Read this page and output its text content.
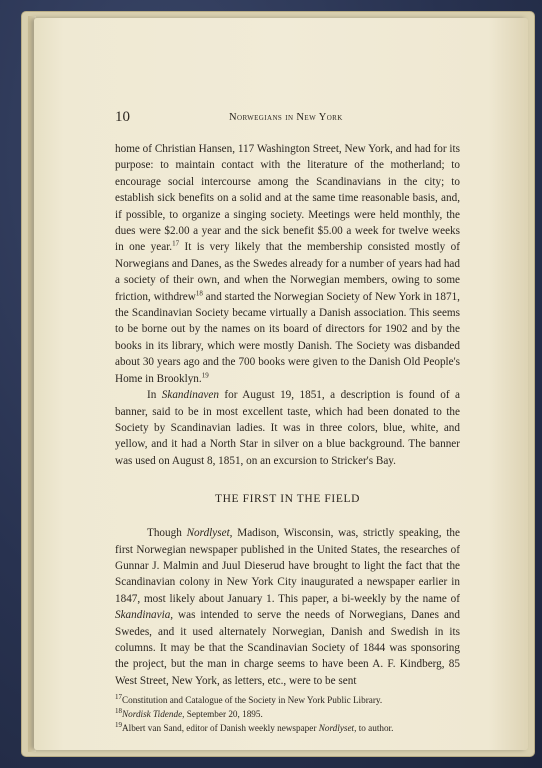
10	Norwegians in New York

home of Christian Hansen, 117 Washington Street, New York, and had for its purpose: to maintain contact with the literature of the motherland; to encourage social intercourse among the Scandinavians in the city; to establish sick benefits on a solid and at the same time reasonable basis, and, if possible, to organize a singing society. Meetings were held monthly, the dues were $2.00 a year and the sick benefit $5.00 a week for twelve weeks in one year.$^{17}$ It is very likely that the membership consisted mostly of Norwegians and Danes, as the Swedes already for a number of years had had a society of their own, and when the Norwegian members, owing to some friction, withdrew$^{18}$ and started the Norwegian Society of New York in 1871, the Scandinavian Society became virtually a Danish association. This seems to be borne out by the names on its board of directors for 1902 and by the books in its library, which were mostly Danish. The Society was disbanded about 30 years ago and the 700 books were given to the Danish Old People's Home in Brooklyn.$^{19}$

In Skandinaven for August 19, 1851, a description is found of a banner, said to be in most excellent taste, which had been donated to the Society by Scandinavian ladies. It was in three colors, blue, white, and yellow, and it had a North Star in silver on a blue background. The banner was used on August 8, 1851, on an excursion to Stricker's Bay.

THE FIRST IN THE FIELD

Though Nordlyset, Madison, Wisconsin, was, strictly speaking, the first Norwegian newspaper published in the United States, the researches of Gunnar J. Malmin and Juul Dieserud have brought to light the fact that the Scandinavian colony in New York City inaugurated a newspaper earlier in 1847, most likely about January 1. This paper, a bi-weekly by the name of Skandinavia, was intended to serve the needs of Norwegians, Danes and Swedes, and it used alternately Norwegian, Danish and Swedish in its columns. It may be that the Scandinavian Society of 1844 was sponsoring the project, but the man in charge seems to have been A. F. Kindberg, 85 West Street, New York, as letters, etc., were to be sent

$^{17}$Constitution and Catalogue of the Society in New York Public Library.
$^{18}$Nordisk Tidende, September 20, 1895.
$^{19}$Albert van Sand, editor of Danish weekly newspaper Nordlyset, to author.
